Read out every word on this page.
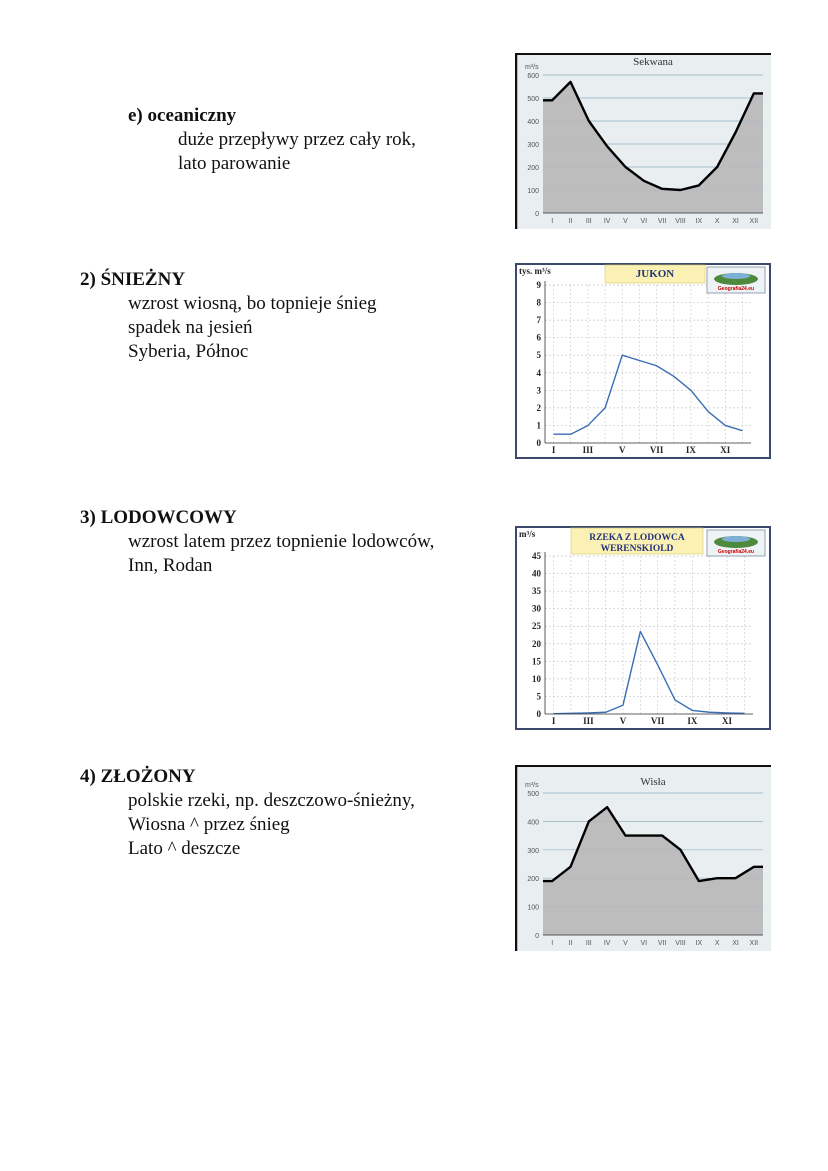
e) oceaniczny
duże przepływy przez cały rok,
lato parowanie
2) ŚNIEŻNY
wzrost wiosną, bo topnieje śnieg
spadek na jesień
Syberia, Północ
3) LODOWCOWY
wzrost latem przez topnienie lodowców,
Inn, Rodan
4) ZŁOŻONY
polskie rzeki, np. deszczowo-śnieżny,
Wiosna ^ przez śnieg
Lato ^ deszcze
0
100
200
300
400
500
600
I II III IV V VI VII VIII IX X XI XII
m³/s	Sekwana
0
1
2
3
4
5
6
7
8
9
I	III	V	VII	IX	XI
tys. m³/s	JUKON
Geografia24.eu
0
5
10
15
20
25
30
35
40
45
I	III	V	VII	IX	XI
m³/s	RZEKA Z LODOWCA
WERENSKIOLD	Geografia24.eu
0
100
200
300
400
500
I II III IV V VI VII VIII IX X XI XII
m³/s	Wisła
